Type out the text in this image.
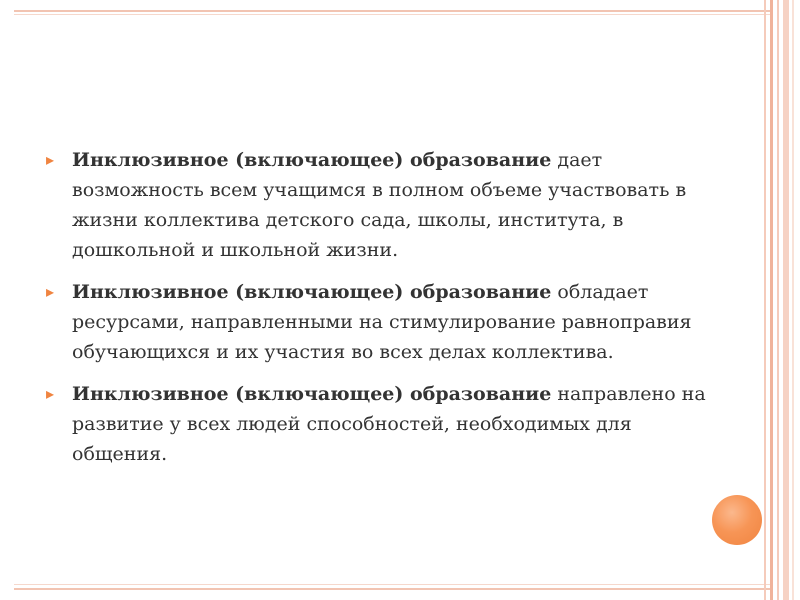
▸ Инклюзивное (включающее) образование дает возможность всем учащимся в полном объеме участвовать в жизни коллектива детского сада, школы, института, в дошкольной и школьной жизни.

▸ Инклюзивное (включающее) образование обладает ресурсами, направленными на стимулирование равноправия обучающихся и их участия во всех делах коллектива.

▸ Инклюзивное (включающее) образование направлено на развитие у всех людей способностей, необходимых для общения.
